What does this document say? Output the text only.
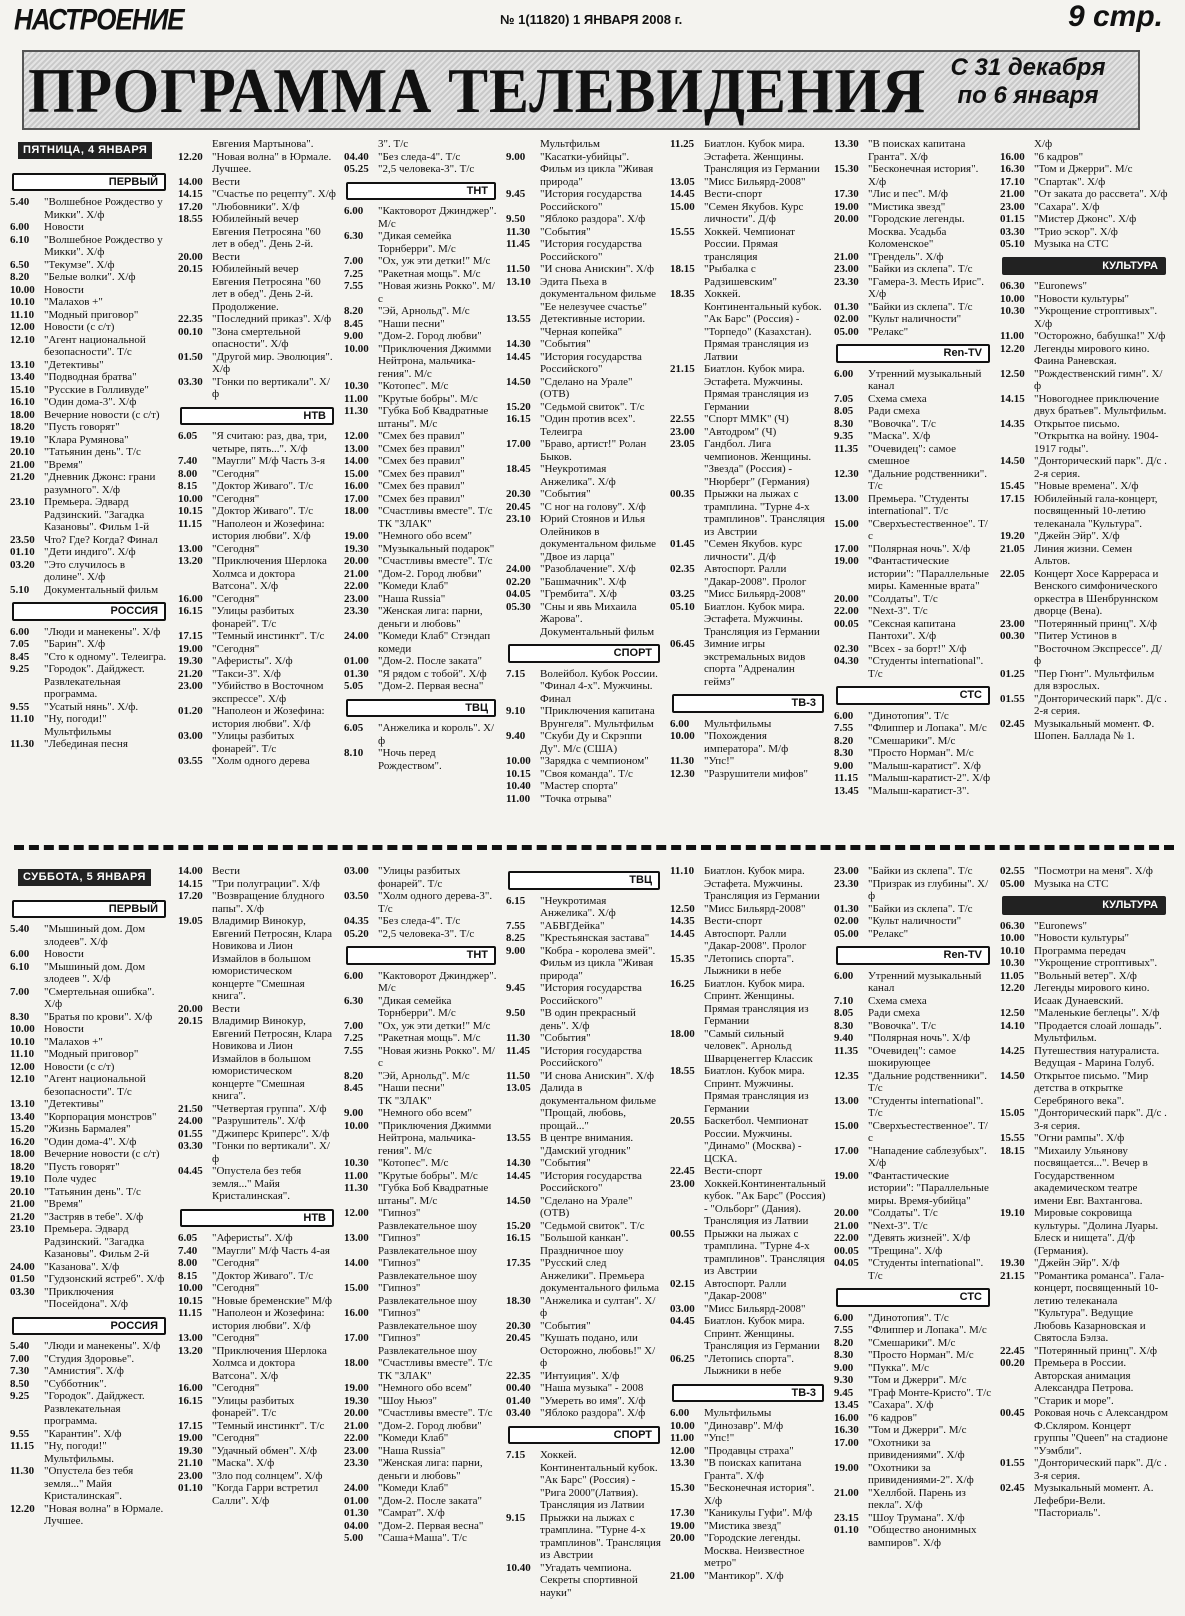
НАСТРОЕНИЕ	№ 1(11820) 1 ЯНВАРЯ 2008 г.	9 стр.
ПРОГРАММА ТЕЛЕВИДЕНИЯ	С 31 декабря
по 6 января
ПЯТНИЦА, 4 ЯНВАРЯ
ПЕРВЫЙ
5.40	"Волшебное Рождество у Микки". Х/ф
6.00	Новости
6.10	"Волшебное Рождество у Микки". Х/ф
6.50	"Текумзе". Х/ф
8.20	"Белые волки". Х/ф
10.00 Новости
10.10 "Малахов +"
11.10 "Модный приговор"
12.00 Новости (с с/т)
12.10 "Агент национальной безопасности". Т/с
13.10 "Детективы"
13.40 "Подводная братва"
15.10 "Русские в Голливуде"
16.10 "Один дома-3". Х/ф
18.00 Вечерние новости (с с/т)
18.20 "Пусть говорят"
19.10 "Клара Румянова"
20.10 "Татьянин день". Т/с
21.00 "Время"
21.20 "Дневник Джонс: грани разумного". Х/ф
23.10 Премьера. Эдвард Радзинский. "Загадка Казановы". Фильм 1-й
23.50 Что? Где? Когда? Финал
01.10 "Дети индиго". Х/ф
03.20 "Это случилось в долине". Х/ф
5.10	Документальный фильм
РОССИЯ
6.00	"Люди и манекены". Х/ф
7.05	"Барин". Х/ф
8.45	"Сто к одному". Телеигра.
9.25	"Городок". Дайджест. Развлекательная программа.
9.55	"Усатый нянь". Х/ф.
11.10 "Ну, погоди!" Мультфильмы
11.30 "Лебединая песня
Евгения Мартынова".
12.20 "Новая волна" в Юрмале. Лучшее.
14.00 Вести
14.15 "Счастье по рецепту". Х/ф
17.20 "Любовники". Х/ф
18.55 Юбилейный вечер Евгения Петросяна "60 лет в обед". День 2-й.
20.00 Вести
20.15 Юбилейный вечер Евгения Петросяна "60 лет в обед". День 2-й. Продолжение.
22.35 "Последний приказ". Х/ф
00.10 "Зона смертельной опасности". Х/ф
01.50 "Другой мир. Эволюция". Х/ф
03.30 "Гонки по вертикали". Х/ф
НТВ
6.05	"Я считаю: раз, два, три, четыре, пять...". Х/ф
7.40	"Маугли" М/ф Часть 3-я
8.00	"Сегодня"
8.15	"Доктор Живаго". Т/с
10.00 "Сегодня"
10.15 "Доктор Живаго". Т/с
11.15 "Наполеон и Жозефина: история любви". Х/ф
13.00 "Сегодня"
13.20 "Приключения Шерлока Холмса и доктора Ватсона". Х/ф
16.00 "Сегодня"
16.15 "Улицы разбитых фонарей". Т/с
17.15 "Темный инстинкт". Т/с
19.00 "Сегодня"
19.30 "Аферисты". Х/ф
21.20 "Такси-3". Х/ф
23.00 "Убийство в Восточном экспрессе". Х/ф
01.20 "Наполеон и Жозефина: история любви". Х/ф
03.00 "Улицы разбитых фонарей". Т/с
03.55 "Холм одного дерева
3". Т/с
04.40 "Без следа-4". Т/с
05.25 "2,5 человека-3". Т/с
ТНТ
6.00	"Кактоворот Джинджер". М/с
6.30	"Дикая семейка Торнберри". М/с
7.00	"Ох, уж эти детки!" М/с
7.25	"Ракетная мощь". М/с
7.55	"Новая жизнь Рокко". М/с
8.20	"Эй, Арнольд". М/с
8.45	"Наши песни"
9.00	"Дом-2. Город любви"
10.00 "Приключения Джимми Нейтрона, мальчика-гения". М/с
10.30 "Котопес". М/с
11.00 "Крутые бобры". М/с
11.30 "Губка Боб Квадратные штаны". М/с
12.00 "Смех без правил"
13.00 "Смех без правил"
14.00 "Смех без правил"
15.00 "Смех без правил"
16.00 "Смех без правил"
17.00 "Смех без правил"
18.00 "Счастливы вместе". Т/с
ТК "ЗЛАК"
19.00 "Немного обо всем"
19.30 "Музыкальный подарок"
20.00 "Счастливы вместе". Т/с
21.00 "Дом-2. Город любви"
22.00 "Комеди Клаб"
23.00 "Наша Russia"
23.30 "Женская лига: парни, деньги и любовь"
24.00 "Комеди Клаб" Стэндап комеди
01.00 "Дом-2. После заката"
01.30 "Я рядом с тобой". Х/ф
5.05	"Дом-2. Первая весна"
ТВЦ
6.05	"Анжелика и король". Х/ф
8.10	"Ночь перед Рождеством".
Мультфильм
9.00	"Касатки-убийцы". Фильм из цикла "Живая природа"
9.45	"История государства Российского"
9.50	"Яблоко раздора". Х/ф
11.30 "События"
11.45 "История государства Российского"
11.50 "И снова Анискин". Х/ф
13.10 Эдита Пьеха в документальном фильме "Ее нелезучее счастье"
13.55 Детективные истории. "Черная копейка"
14.30 "События"
14.45 "История государства Российского"
14.50 "Сделано на Урале" (ОТВ)
15.20 "Седьмой свиток". Т/с
16.15 "Один против всех". Телеигра
17.00 "Браво, артист!" Ролан Быков.
18.45 "Неукротимая Анжелика". Х/ф
20.30 "События"
20.45 "С ног на голову". Х/ф
23.10 Юрий Стоянов и Илья Олейников в документальном фильме "Двое из ларца"
24.00 "Разоблачение". Х/ф
02.20 "Башмачник". Х/ф
04.05 "Грембита". Х/ф
05.30 "Сны и явь Михаила Жарова". Документальный фильм
СПОРТ
7.15	Волейбол. Кубок России. "Финал 4-х". Мужчины. Финал
9.10	"Приключения капитана Врунгеля". Мультфильм
9.40	"Скуби Ду и Скрэппи Ду". М/с (США)
10.00 "Зарядка с чемпионом"
10.15 "Своя команда". Т/с
10.40 "Мастер спорта"
11.00 "Точка отрыва"
11.25 Биатлон. Кубок мира. Эстафета. Женщины. Трансляция из Германии
13.05 "Мисс Бильярд-2008"
14.45 Вести-спорт
15.00 "Семен Якубов. Курс личности". Д/ф
15.55 Хоккей. Чемпионат России. Прямая трансляция
18.15 "Рыбалка с Радзишевским"
18.35 Хоккей. Континентальный кубок. "Ак Барс" (Россия) - "Торпедо" (Казахстан). Прямая трансляция из Латвии
21.15 Биатлон. Кубок мира. Эстафета. Мужчины. Прямая трансляция из Германии
22.55 "Спорт ММК" (Ч)
23.00 "Автодром" (Ч)
23.05 Гандбол. Лига чемпионов. Женщины. "Звезда" (Россия) - "Нюрберг" (Германия)
00.35 Прыжки на лыжах с трамплина. "Турне 4-х трамплинов". Трансляция из Австрии
01.45 "Семен Якубов. курс личности". Д/ф
02.35 Автоспорт. Ралли "Дакар-2008". Пролог
03.25 "Мисс Бильярд-2008"
05.10 Биатлон. Кубок мира. Эстафета. Мужчины. Трансляция из Германии
06.45 Зимние игры экстремальных видов спорта "Адреналин геймз"
ТВ-3
6.00	Мультфильмы
10.00 "Похождения императора". М/ф
11.30 "Упс!"
12.30 "Разрушители мифов"
13.30 "В поисках капитана Гранта". Х/ф
15.30 "Бесконечная история". Х/ф
17.30 "Лис и пес". М/ф
19.00 "Мистика звезд"
20.00 "Городские легенды. Москва. Усадьба Коломенское"
21.00 "Грендель". Х/ф
23.00 "Байки из склепа". Т/с
23.30 "Гамера-3. Месть Ирис". Х/ф
01.30 "Байки из склепа". Т/с
02.00 "Культ наличности"
05.00 "Релакс"
Ren-TV
6.00	Утренний музыкальный канал
7.05	Схема смеха
8.05	Ради смеха
8.30	"Вовочка". Т/с
9.35	"Маска". Х/ф
11.35 "Очевидец": самое смешное
12.30 "Дальние родственники". Т/с
13.00 Премьера. "Студенты international". Т/с
15.00 "Сверхъестественное". Т/с
17.00 "Полярная ночь". Х/ф
19.00 "Фантастические истории": "Параллельные миры. Каменные врата"
20.00 "Солдаты". Т/с
22.00 "Next-3". Т/с
00.05 "Сексная капитана Пантохи". Х/ф
02.30 "Всех - за борт!" Х/ф
04.30 "Студенты international". Т/с
СТС
6.00	"Динотопия". Т/с
7.55	"Флиппер и Лопака". М/с
8.20	"Смешарики". М/с
8.30	"Просто Норман". М/с
9.00	"Малыш-каратист". Х/ф
11.15 "Малыш-каратист-2". Х/ф
13.45 "Малыш-каратист-3".
Х/ф
16.00 "6 кадров"
16.30 "Том и Джерри". М/с
17.10 "Спартак". Х/ф
21.00 "От заката до рассвета". Х/ф
23.00 "Сахара". Х/ф
01.15 "Мистер Джонс". Х/ф
03.30 "Трио эскор". Х/ф
05.10 Музыка на СТС
КУЛЬТУРА
06.30 "Euronews"
10.00 "Новости культуры"
10.30 "Укрощение строптивых". Х/ф
11.00 "Осторожно, бабушка!" Х/ф
12.20 Легенды мирового кино. Фаина Раневская.
12.50 "Рождественский гимн". Х/ф
14.15 "Новогоднее приключение двух братьев". Мультфильм.
14.35 Открытое письмо. "Открытка на войну. 1904-1917 годы".
14.50 "Донторический парк". Д/с . 2-я серия.
15.45 "Новые времена". Х/ф
17.15 Юбилейный гала-концерт, посвященный 10-летию телеканала "Культура".
19.20 "Джейн Эйр". Х/ф
21.05 Линия жизни. Семен Альтов.
22.05 Концерт Хосе Каррераса и Венского симфонического оркестра в Шенбруннском дворце (Вена).
23.00 "Потерянный принц". Х/ф
00.30 "Питер Устинов в "Восточном Экспрессе". Д/ф
01.25 "Пер Гюнт". Мультфильм для взрослых.
01.55 "Донторический парк". Д/с . 2-я серия.
02.45 Музыкальный момент. Ф. Шопен. Баллада № 1.
СУББОТА, 5 ЯНВАРЯ
ПЕРВЫЙ
5.40	"Мышиный дом. Дом злодеев". Х/ф
6.00	Новости
6.10	"Мышиный дом. Дом злодеев ". Х/ф
7.00	"Смертельная ошибка". Х/ф
8.30	"Братья по крови". Х/ф
10.00 Новости
10.10 "Малахов +"
11.10 "Модный приговор"
12.00 Новости (с с/т)
12.10 "Агент национальной безопасности". Т/с
13.10 "Детективы"
13.40 "Корпорация монстров"
15.20 "Жизнь Бармалея"
16.20 "Один дома-4". Х/ф
18.00 Вечерние новости (с с/т)
18.20 "Пусть говорят"
19.10 Поле чудес
20.10 "Татьянин день". Т/с
21.00 "Время"
21.20 "Застряв в тебе". Х/ф
23.10 Премьера. Эдвард Радзинский. "Загадка Казановы". Фильм 2-й
24.00 "Казанова". Х/ф
01.50 "Гудзонский ястреб". Х/ф
03.30 "Приключения "Посейдона". Х/ф
РОССИЯ
5.40	"Люди и манекены". Х/ф
7.00	"Студия Здоровье".
7.30	"Амнистия". Х/ф
8.50	"Субботник".
9.25	"Городок". Дайджест. Развлекательная программа.
9.55	"Карантин". Х/ф
11.15 "Ну, погоди!" Мультфильмы.
11.30 "Опустела без тебя земля..." Майя Кристалинская".
12.20 "Новая волна" в Юрмале. Лучшее.
14.00 Вести
14.15 "Три полуграции". Х/ф
17.20 "Возвращение блудного папы". Х/ф
19.05 Владимир Винокур, Евгений Петросян, Клара Новикова и Лион Измайлов в большом юмористическом концерте "Смешная книга".
20.00 Вести
20.15 Владимир Винокур, Евгений Петросян, Клара Новикова и Лион Измайлов в большом юмористическом концерте "Смешная книга".
21.50 "Четвертая группа". Х/ф
24.00 "Разрушитель". Х/ф
01.55 "Джиперс Криперс". Х/ф
03.30 "Гонки по вертикали". Х/ф
04.45 "Опустела без тебя земля..." Майя Кристалинская".
НТВ
6.05	"Аферисты". Х/ф
7.40	"Маугли" М/ф Часть 4-ая
8.00	"Сегодня"
8.15	"Доктор Живаго". Т/с
10.00 "Сегодня"
10.15 "Новые бременские" М/ф
11.15 "Наполеон и Жозефина: история любви". Х/ф
13.00 "Сегодня"
13.20 "Приключения Шерлока Холмса и доктора Ватсона". Х/ф
16.00 "Сегодня"
16.15 "Улицы разбитых фонарей". Т/с
17.15 "Темный инстинкт". Т/с
19.00 "Сегодня"
19.30 "Удачный обмен". Х/ф
21.10 "Маска". Х/ф
23.00 "Зло под солнцем". Х/ф
01.10 "Когда Гарри встретил Салли". Х/ф
03.00 "Улицы разбитых фонарей". Т/с
03.50 "Холм одного дерева-3". Т/с
04.35 "Без следа-4". Т/с
05.20 "2,5 человека-3". Т/с
ТНТ
6.00	"Кактоворот Джинджер". М/с
6.30	"Дикая семейка Торнберри". М/с
7.00	"Ох, уж эти детки!" М/с
7.25	"Ракетная мощь". М/с
7.55	"Новая жизнь Рокко". М/с
8.20	"Эй, Арнольд". М/с
8.45	"Наши песни"
ТК "ЗЛАК"
9.00	"Немного обо всем"
10.00 "Приключения Джимми Нейтрона, мальчика-гения". М/с
10.30 "Котопес". М/с
11.00 "Крутые бобры". М/с
11.30 "Губка Боб Квадратные штаны". М/с
12.00 "Гипноз" Развлекательное шоу
13.00 "Гипноз" Развлекательное шоу
14.00 "Гипноз" Развлекательное шоу
15.00 "Гипноз" Развлекательное шоу
16.00 "Гипноз" Развлекательное шоу
17.00 "Гипноз" Развлекательное шоу
18.00 "Счастливы вместе". Т/с
ТК "ЗЛАК"
19.00 "Немного обо всем"
19.30 "Шоу Ньюз"
20.00 "Счастливы вместе". Т/с
21.00 "Дом-2. Город любви"
22.00 "Комеди Клаб"
23.00 "Наша Russia"
23.30 "Женская лига: парни, деньги и любовь"
24.00 "Комеди Клаб"
01.00 "Дом-2. После заката"
01.30 "Самрат". Х/ф
04.00 "Дом-2. Первая весна"
5.00	"Саша+Маша". Т/с
ТВЦ
6.15	"Неукротимая Анжелика". Х/ф
7.55	"АБВГДейка"
8.25	"Крестьянская застава"
9.00	"Кобра - королева змей". Фильм из цикла "Живая природа"
9.45	"История государства Российского"
9.50	"В один прекрасный день". Х/ф
11.30 "События"
11.45 "История государства Российского"
11.50 "И снова Анискин". Х/ф
13.05 Далида в документальном фильме "Прощай, любовь, прощай..."
13.55 В центре внимания. "Дамский угодник"
14.30 "События"
14.45 "История государства Российского"
14.50 "Сделано на Урале" (ОТВ)
15.20 "Седьмой свиток". Т/с
16.15 "Большой канкан". Праздничное шоу
17.35 "Русский след Анжелики". Премьера документального фильма
18.30 "Анжелика и султан". Х/ф
20.30 "События"
20.45 "Кушать подано, или Осторожно, любовь!" Х/ф
22.35 "Интуиция". Х/ф
00.40 "Наша музыка" - 2008
01.40 "Умереть во имя". Х/ф
03.40 "Яблоко раздора". Х/ф
СПОРТ
7.15	Хоккей. Континентальный кубок. "Ак Барс" (Россия) - "Рига 2000"(Латвия). Трансляция из Латвии
9.15	Прыжки на лыжах с трамплина. "Турне 4-х трамплинов". Трансляция из Австрии
10.40 "Угадать чемпиона. Секреты спортивной науки"
11.10 Биатлон. Кубок мира. Эстафета. Мужчины. Трансляция из Германии
12.50 "Мисс Бильярд-2008"
14.35 Вести-спорт
14.45 Автоспорт. Ралли "Дакар-2008". Пролог
15.35 "Летопись спорта". Лыжники в небе
16.25 Биатлон. Кубок мира. Спринт. Женщины. Прямая трансляция из Германии
18.00 "Самый сильный человек". Арнольд Шварценеггер Классик
18.55 Биатлон. Кубок мира. Спринт. Мужчины. Прямая трансляция из Германии
20.55 Баскетбол. Чемпионат России. Мужчины. "Динамо" (Москва) - ЦСКА.
22.45 Вести-спорт
23.00 Хоккей.Континентальный кубок. "Ак Барс" (Россия) - "Ольборг" (Дания). Трансляция из Латвии
00.55 Прыжки на лыжах с трамплина. "Турне 4-х трамплинов". Трансляция из Австрии
02.15 Автоспорт. Ралли "Дакар-2008"
03.00 "Мисс Бильярд-2008"
04.45 Биатлон. Кубок мира. Спринт. Женщины. Трансляция из Германии
06.25 "Летопись спорта". Лыжники в небе
ТВ-3
6.00	Мультфильмы
10.00 "Динозавр". М/ф
11.00 "Упс!"
12.00 "Продавцы страха"
13.30 "В поисках капитана Гранта". Х/ф
15.30 "Бесконечная история". Х/ф
17.30 "Каникулы Гуфи". М/ф
19.00 "Мистика звезд"
20.00 "Городские легенды. Москва. Неизвестное метро"
21.00 "Мантикор". Х/ф
23.00 "Байки из склепа". Т/с
23.30 "Призрак из глубины". Х/ф
01.30 "Байки из склепа". Т/с
02.00 "Культ наличности"
05.00 "Релакс"
Ren-TV
6.00	Утренний музыкальный канал
7.10	Схема смеха
8.05	Ради смеха
8.30	"Вовочка". Т/с
9.40	"Полярная ночь". Х/ф
11.35 "Очевидец": самое шокирующее
12.35 "Дальние родственники". Т/с
13.00 "Студенты international". Т/с
15.00 "Сверхъестественное". Т/с
17.00 "Нападение саблезубых". Х/ф
19.00 "Фантастические истории": "Параллельные миры. Время-убийца"
20.00 "Солдаты". Т/с
21.00 "Next-3". Т/с
22.00 "Девять жизней". Х/ф
00.05 "Трещина". Х/ф
04.05 "Студенты international". Т/с
СТС
6.00	"Динотопия". Т/с
7.55	"Флиппер и Лопака". М/с
8.20	"Смешарики". М/с
8.30	"Просто Норман". М/с
9.00	"Пукка". М/с
9.30	"Том и Джерри". М/с
9.45	"Граф Монте-Кристо". Т/с
13.45 "Сахара". Х/ф
16.00 "6 кадров"
16.30 "Том и Джерри". М/с
17.00 "Охотники за привидениями". Х/ф
19.00 "Охотники за привидениями-2". Х/ф
21.00 "Хеллбой. Парень из пекла". Х/ф
23.15 "Шоу Трумана". Х/ф
01.10 "Общество анонимных вампиров". Х/ф
02.55 "Посмотри на меня". Х/ф
05.00 Музыка на СТС
КУЛЬТУРА
06.30 "Euronews"
10.00 "Новости культуры"
10.10 Программа передач
10.30 "Укрощение строптивых".
11.05 "Вольный ветер". Х/ф
12.20 Легенды мирового кино. Исаак Дунаевский.
12.50 "Маленькие беглецы". Х/ф
14.10 "Продается слоай лошадь". Мультфильм.
14.25 Путешествия натуралиста. Ведущая - Марина Голуб.
14.50 Открытое письмо. "Мир детства в открытке Серебряного века".
15.05 "Донторический парк". Д/с . 3-я серия.
15.55 "Огни рампы". Х/ф
18.15 "Михаилу Ульянову посвящается...". Вечер в Государственном академическом театре имени Евг. Вахтангова.
19.10 Мировые сокровища культуры. "Долина Луары. Блеск и нищета". Д/ф (Германия).
19.30 "Джейн Эйр". Х/ф
21.15 "Романтика романса". Гала-концерт, посвященный 10-летию телеканала "Культура". Ведущие Любовь Казарновская и Святосла Бэлза.
22.45 "Потерянный принц". Х/ф
00.20 Премьера в России. Авторская анимация Александра Петрова. "Старик и море".
00.45 Роковая ночь с Александром Ф.Скляром. Концерт группы "Queen" на стадионе "Уэмбли".
01.55 "Донторический парк". Д/с . 3-я серия.
02.45 Музыкальный момент. А. Лефебри-Вели. "Пасториаль".
